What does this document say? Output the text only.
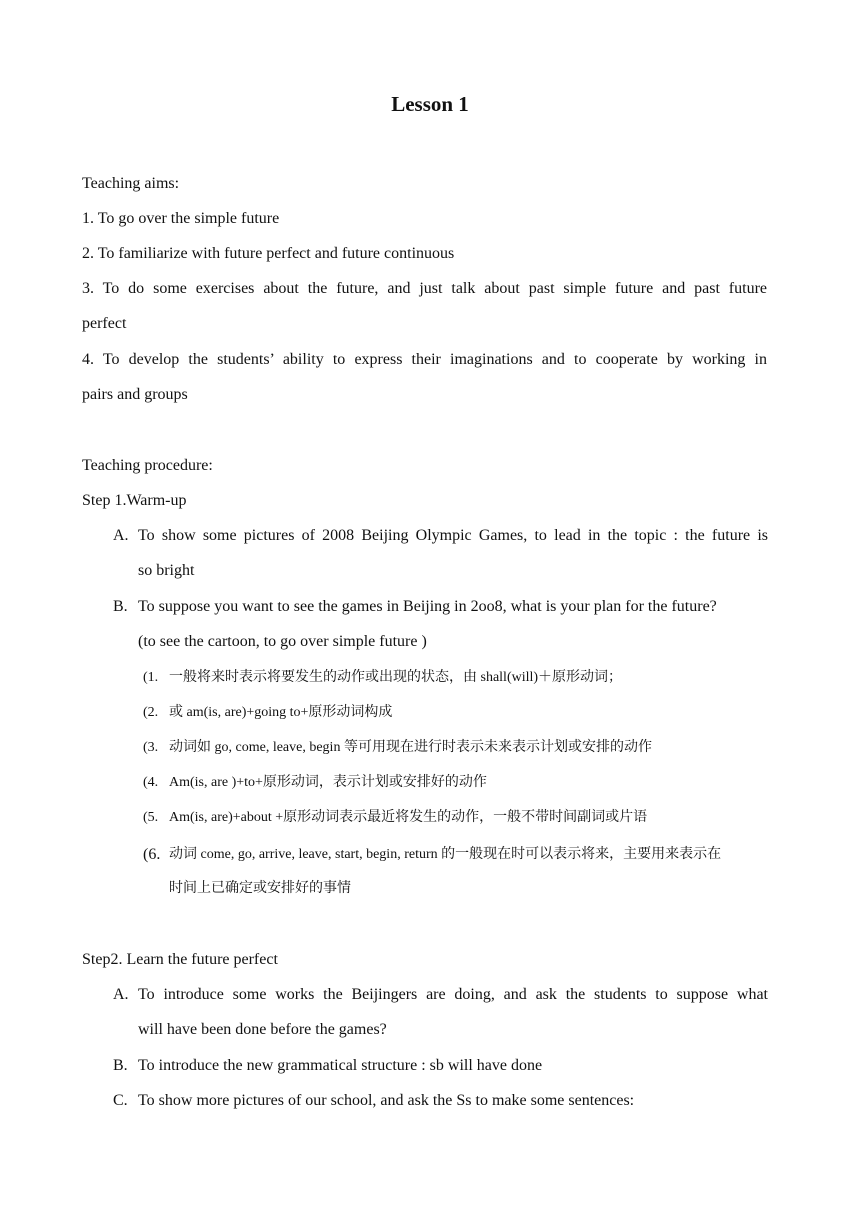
Lesson 1
Teaching aims:
1. To go over the simple future
2. To familiarize with future perfect and future continuous
3. To do some exercises about the future, and just talk about past simple future and past future
perfect
4. To develop the students’ ability to express their imaginations and to cooperate by working in
pairs and groups
Teaching procedure:
Step 1.Warm-up
A. To show some pictures of 2008 Beijing Olympic Games, to lead in the topic : the future is
so bright
B. To suppose you want to see the games in Beijing in 2oo8, what is your plan for the future?
(to see the cartoon, to go over simple future )
(1. 一般将来时表示将要发生的动作或出现的状态，由 shall(will)＋原形动词；
(2. 或 am(is, are)+going to+原形动词构成
(3. 动词如 go, come, leave, begin 等可用现在进行时表示未来表示计划或安排的动作
(4. Am(is, are )+to+原形动词，表示计划或安排好的动作
(5. Am(is, are)+about +原形动词表示最近将发生的动作，一般不带时间副词或片语
(6. 动词 come, go, arrive, leave, start, begin, return 的一般现在时可以表示将来，主要用来表示在
时间上已确定或安排好的事情
Step2. Learn the future perfect
A. To introduce some works the Beijingers are doing, and ask the students to suppose what
will have been done before the games?
B. To introduce the new grammatical structure : sb will have done
C. To show more pictures of our school, and ask the Ss to make some sentences:
